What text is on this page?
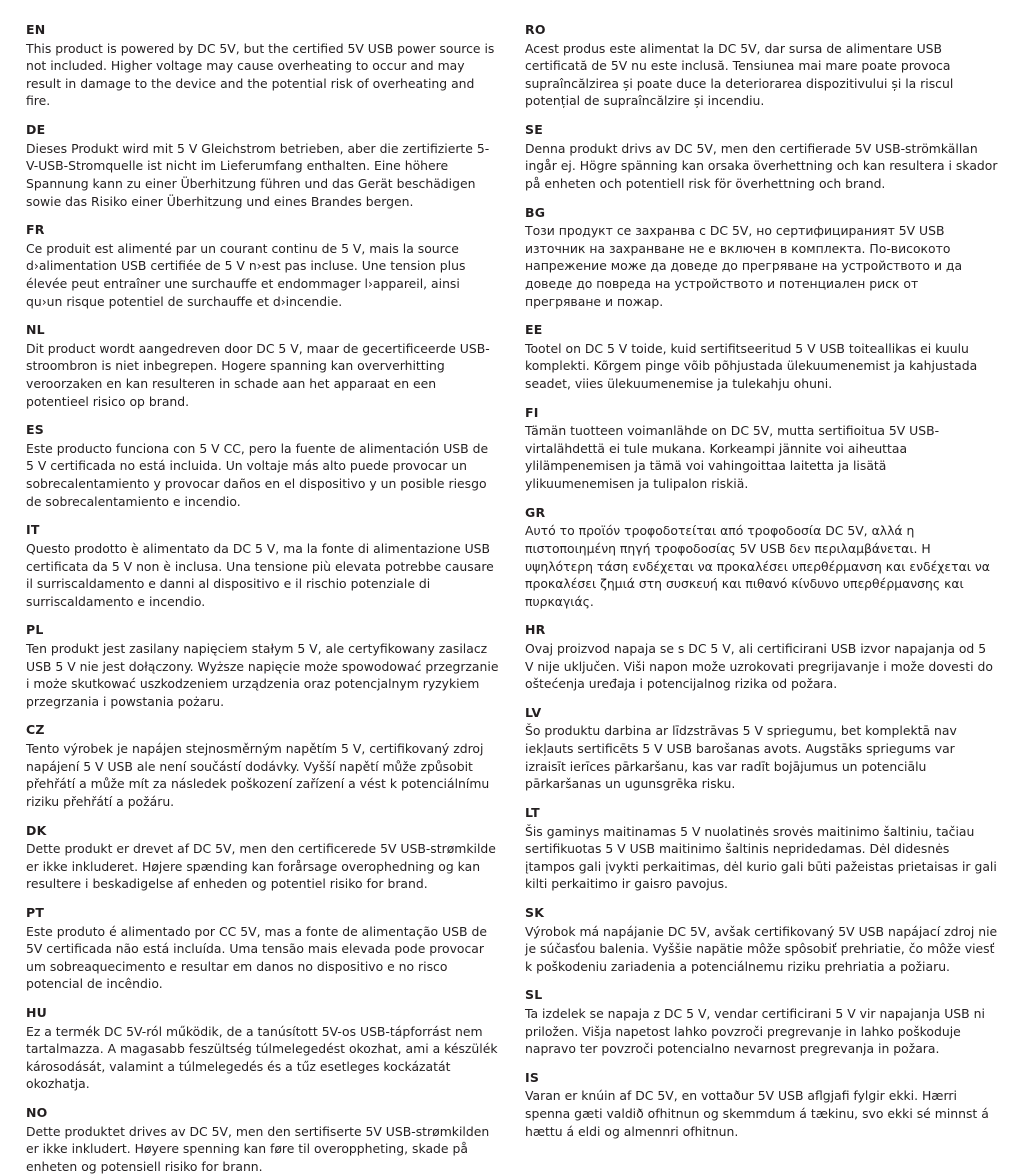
EN
This product is powered by DC 5V, but the certified 5V USB power source is not included. Higher voltage may cause overheating to occur and may result in damage to the device and the potential risk of overheating and fire.
DE
Dieses Produkt wird mit 5 V Gleichstrom betrieben, aber die zertifizierte 5-V-USB-Stromquelle ist nicht im Lieferumfang enthalten. Eine höhere Spannung kann zu einer Überhitzung führen und das Gerät beschädigen sowie das Risiko einer Überhitzung und eines Brandes bergen.
FR
Ce produit est alimenté par un courant continu de 5 V, mais la source d›alimentation USB certifiée de 5 V n›est pas incluse. Une tension plus élevée peut entraîner une surchauffe et endommager l›appareil, ainsi qu›un risque potentiel de surchauffe et d›incendie.
NL
Dit product wordt aangedreven door DC 5 V, maar de gecertificeerde USB-stroombron is niet inbegrepen. Hogere spanning kan oververhitting veroorzaken en kan resulteren in schade aan het apparaat en een potentieel risico op brand.
ES
Este producto funciona con 5 V CC, pero la fuente de alimentación USB de 5 V certificada no está incluida. Un voltaje más alto puede provocar un sobrecalentamiento y provocar daños en el dispositivo y un posible riesgo de sobrecalentamiento e incendio.
IT
Questo prodotto è alimentato da DC 5 V, ma la fonte di alimentazione USB certificata da 5 V non è inclusa. Una tensione più elevata potrebbe causare il surriscaldamento e danni al dispositivo e il rischio potenziale di surriscaldamento e incendio.
PL
Ten produkt jest zasilany napięciem stałym 5 V, ale certyfikowany zasilacz USB 5 V nie jest dołączony. Wyższe napięcie może spowodować przegrzanie i może skutkować uszkodzeniem urządzenia oraz potencjalnym ryzykiem przegrzania i powstania pożaru.
CZ
Tento výrobek je napájen stejnosměrným napětím 5 V, certifikovaný zdroj napájení 5 V USB ale není součástí dodávky. Vyšší napětí může způsobit přehřátí a může mít za následek poškození zařízení a vést k potenciálnímu riziku přehřátí a požáru.
DK
Dette produkt er drevet af DC 5V, men den certificerede 5V USB-strømkilde er ikke inkluderet. Højere spænding kan forårsage overophedning og kan resultere i beskadigelse af enheden og potentiel risiko for brand.
PT
Este produto é alimentado por CC 5V, mas a fonte de alimentação USB de 5V certificada não está incluída. Uma tensão mais elevada pode provocar um sobreaquecimento e resultar em danos no dispositivo e no risco potencial de incêndio.
HU
Ez a termék DC 5V-ról működik, de a tanúsított 5V-os USB-tápforrást nem tartalmazza. A magasabb feszültség túlmelegedést okozhat, ami a készülék károsodását, valamint a túlmelegedés és a tűz esetleges kockázatát okozhatja.
NO
Dette produktet drives av DC 5V, men den sertifiserte 5V USB-strømkilden er ikke inkludert. Høyere spenning kan føre til overoppheting, skade på enheten og potensiell risiko for brann.
RO
Acest produs este alimentat la DC 5V, dar sursa de alimentare USB certificată de 5V nu este inclusă. Tensiunea mai mare poate provoca supraîncălzirea și poate duce la deteriorarea dispozitivului și la riscul potențial de supraîncălzire și incendiu.
SE
Denna produkt drivs av DC 5V, men den certifierade 5V USB-strömkällan ingår ej. Högre spänning kan orsaka överhettning och kan resultera i skador på enheten och potentiell risk för överhettning och brand.
BG
Този продукт се захранва с DC 5V, но сертифицираният 5V USB източник на захранване не е включен в комплекта. По-високото напрежение може да доведе до прегряване на устройството и да доведе до повреда на устройството и потенциален риск от прегряване и пожар.
EE
Tootel on DC 5 V toide, kuid sertifitseeritud 5 V USB toiteallikas ei kuulu komplekti. Kõrgem pinge võib põhjustada ülekuumenemist ja kahjustada seadet, viies ülekuumenemise ja tulekahju ohuni.
FI
Tämän tuotteen voimanlähde on DC 5V, mutta sertifioitua 5V USB-virtalähdettä ei tule mukana. Korkeampi jännite voi aiheuttaa ylilämpenemisen ja tämä voi vahingoittaa laitetta ja lisätä ylikuumenemisen ja tulipalon riskiä.
GR
Αυτό το προϊόν τροφοδοτείται από τροφοδοσία DC 5V, αλλά η πιστοποιημένη πηγή τροφοδοσίας 5V USB δεν περιλαμβάνεται. Η υψηλότερη τάση ενδέχεται να προκαλέσει υπερθέρμανση και ενδέχεται να προκαλέσει ζημιά στη συσκευή και πιθανό κίνδυνο υπερθέρμανσης και πυρκαγιάς.
HR
Ovaj proizvod napaja se s DC 5 V, ali certificirani USB izvor napajanja od 5 V nije uključen. Viši napon može uzrokovati pregrijavanje i može dovesti do oštećenja uređaja i potencijalnog rizika od požara.
LV
Šo produktu darbina ar līdzstrāvas 5 V spriegumu, bet komplektā nav iekļauts sertificēts 5 V USB barošanas avots. Augstāks spriegums var izraisīt ierīces pārkaršanu, kas var radīt bojājumus un potenciālu pārkaršanas un ugunsgrēka risku.
LT
Šis gaminys maitinamas 5 V nuolatinės srovės maitinimo šaltiniu, tačiau sertifikuotas 5 V USB maitinimo šaltinis nepridedamas. Dėl didesnės įtampos gali įvykti perkaitimas, dėl kurio gali būti pažeistas prietaisas ir gali kilti perkaitimo ir gaisro pavojus.
SK
Výrobok má napájanie DC 5V, avšak certifikovaný 5V USB napájací zdroj nie je súčasťou balenia. Vyššie napätie môže spôsobiť prehriatie, čo môže viesť k poškodeniu zariadenia a potenciálnemu riziku prehriatia a požiaru.
SL
Ta izdelek se napaja z DC 5 V, vendar certificirani 5 V vir napajanja USB ni priložen. Višja napetost lahko povzroči pregrevanje in lahko poškoduje napravo ter povzroči potencialno nevarnost pregrevanja in požara.
IS
Varan er knúin af DC 5V, en vottaður 5V USB aflgjafi fylgir ekki. Hærri spenna gæti valdið ofhitnun og skemmdum á tækinu, svo ekki sé minnst á hættu á eldi og almennri ofhitnun.
